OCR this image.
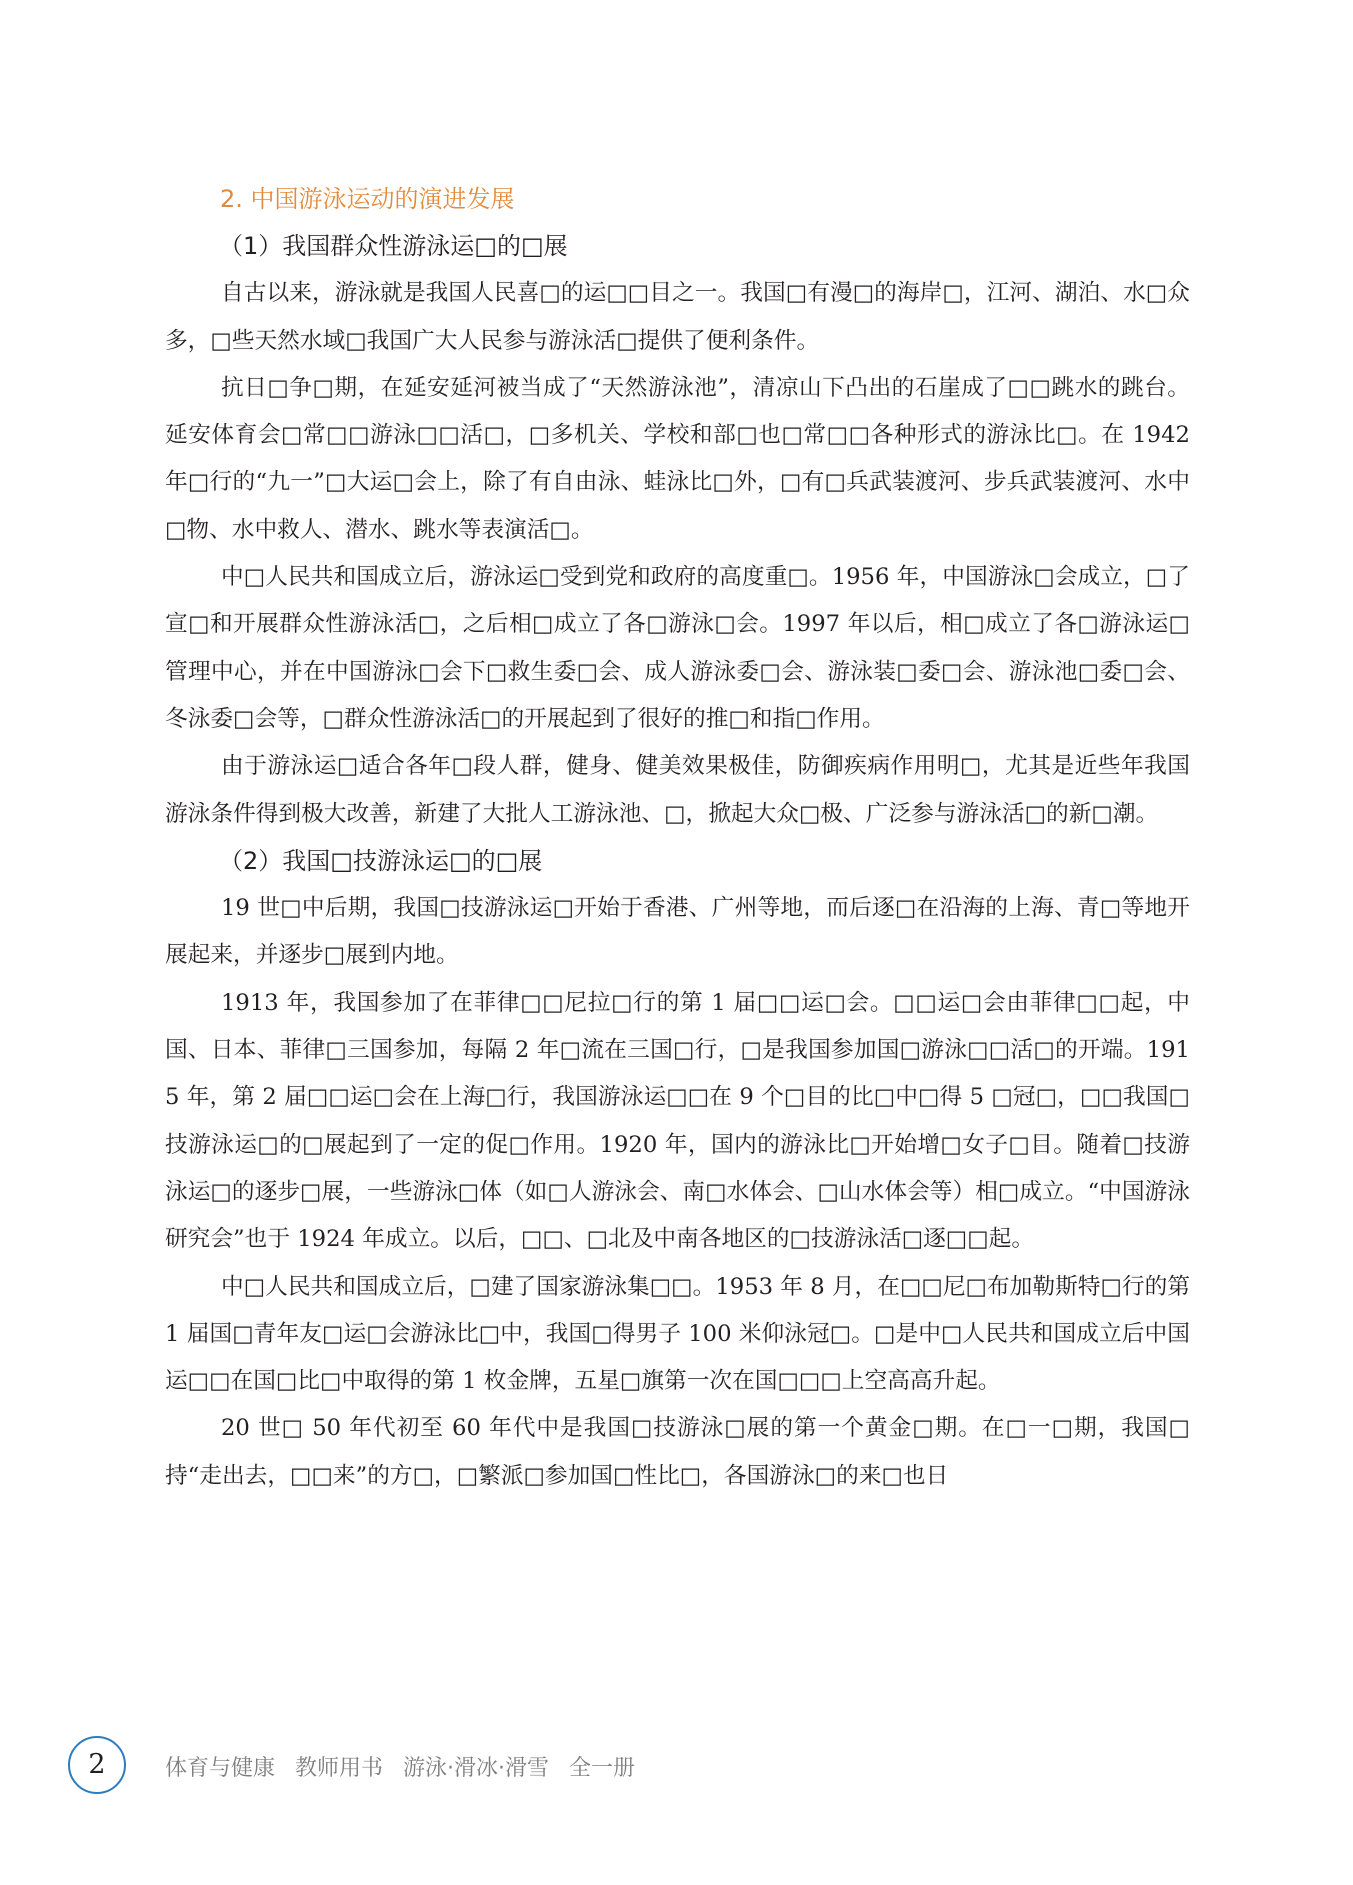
2. 中国游泳运动的演进发展

（1）我国群众性游泳运□的□展

自古以来，游泳就是我国人民喜□的运□□目之一。我国□有漫□的海岸□，江河、湖泊、水□众多，□些天然水域□我国广大人民参与游泳活□提供了便利条件。

抗日□争□期，在延安延河被当成了“天然游泳池”，清凉山下凸出的石崖成了□□跳水的跳台。延安体育会□常□□游泳□□活□，□多机关、学校和部□也□常□□各种形式的游泳比□。在 1942 年□行的“九一”□大运□会上，除了有自由泳、蛙泳比□外，□有□兵武装渡河、步兵武装渡河、水中□物、水中救人、潜水、跳水等表演活□。

中□人民共和国成立后，游泳运□受到党和政府的高度重□。1956 年，中国游泳□会成立，□了宣□和开展群众性游泳活□，之后相□成立了各□游泳□会。1997 年以后，相□成立了各□游泳运□管理中心，并在中国游泳□会下□救生委□会、成人游泳委□会、游泳装□委□会、游泳池□委□会、冬泳委□会等，□群众性游泳活□的开展起到了很好的推□和指□作用。

由于游泳运□适合各年□段人群，健身、健美效果极佳，防御疾病作用明□，尤其是近些年我国游泳条件得到极大改善，新建了大批人工游泳池、□，掀起大众□极、广泛参与游泳活□的新□潮。

（2）我国□技游泳运□的□展

19 世□中后期，我国□技游泳运□开始于香港、广州等地，而后逐□在沿海的上海、青□等地开展起来，并逐步□展到内地。

1913 年，我国参加了在菲律□□尼拉□行的第 1 届□□运□会。□□运□会由菲律□□起，中国、日本、菲律□三国参加，每隔 2 年□流在三国□行，□是我国参加国□游泳□□活□的开端。1915 年，第 2 届□□运□会在上海□行，我国游泳运□□在 9 个□目的比□中□得 5 □冠□，□□我国□技游泳运□的□展起到了一定的促□作用。1920 年，国内的游泳比□开始增□女子□目。随着□技游泳运□的逐步□展，一些游泳□体（如□人游泳会、南□水体会、□山水体会等）相□成立。“中国游泳研究会”也于 1924 年成立。以后，□□、□北及中南各地区的□技游泳活□逐□□起。

中□人民共和国成立后，□建了国家游泳集□□。1953 年 8 月，在□□尼□布加勒斯特□行的第 1 届国□青年友□运□会游泳比□中，我国□得男子 100 米仰泳冠□。□是中□人民共和国成立后中国运□□在国□比□中取得的第 1 枚金牌，五星□旗第一次在国□□□上空高高升起。

20 世□ 50 年代初至 60 年代中是我国□技游泳□展的第一个黄金□期。在□一□期，我国□持“走出去，□□来”的方□，□繁派□参加国□性比□，各国游泳□的来□也日

2	体育与健康 教师用书 游泳·滑冰·滑雪 全一册
